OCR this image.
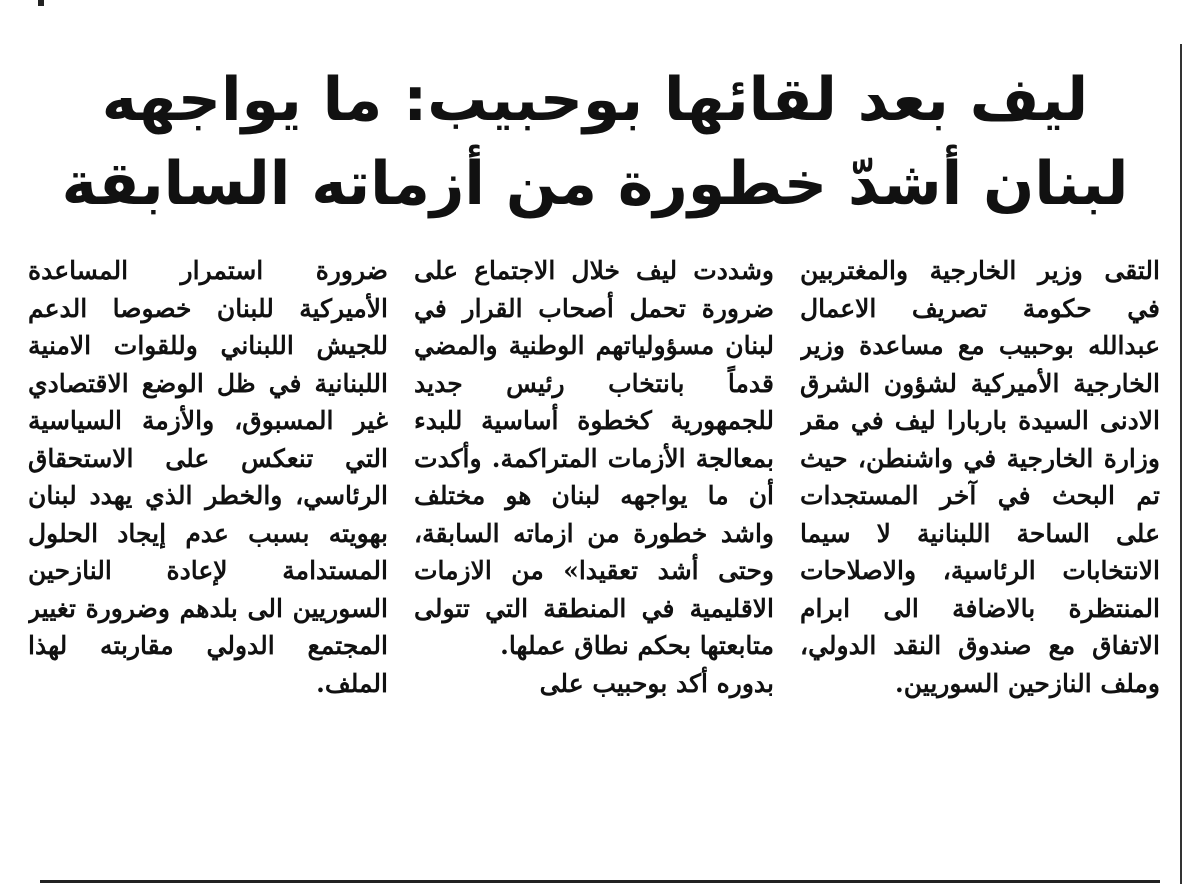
ليف بعد لقائها بوحبيب: ما يواجهه
لبنان أشدّ خطورة من أزماته السابقة

التقى وزير الخارجية والمغتربين في حكومة تصريف الاعمال عبدالله بوحبيب مع مساعدة وزير الخارجية الأميركية لشؤون الشرق الادنى السيدة باربارا ليف في مقر وزارة الخارجية في واشنطن، حيث تم البحث في آخر المستجدات على الساحة اللبنانية لا سيما الانتخابات الرئاسية، والاصلاحات المنتظرة بالاضافة الى ابرام الاتفاق مع صندوق النقد الدولي، وملف النازحين السوريين.

وشددت ليف خلال الاجتماع على ضرورة تحمل أصحاب القرار في لبنان مسؤولياتهم الوطنية والمضي قدماً بانتخاب رئيس جديد للجمهورية كخطوة أساسية للبدء بمعالجة الأزمات المتراكمة. وأكدت أن ما يواجهه لبنان هو مختلف واشد خطورة من ازماته السابقة، وحتى أشد تعقيدا» من الازمات الاقليمية في المنطقة التي تتولى متابعتها بحكم نطاق عملها.

بدوره أكد بوحبيب على

ضرورة استمرار المساعدة الأميركية للبنان خصوصا الدعم للجيش اللبناني وللقوات الامنية اللبنانية في ظل الوضع الاقتصادي غير المسبوق، والأزمة السياسية التي تنعكس على الاستحقاق الرئاسي، والخطر الذي يهدد لبنان بهويته بسبب عدم إيجاد الحلول المستدامة لإعادة النازحين السوريين الى بلدهم وضرورة تغيير المجتمع الدولي مقاربته لهذا الملف.
